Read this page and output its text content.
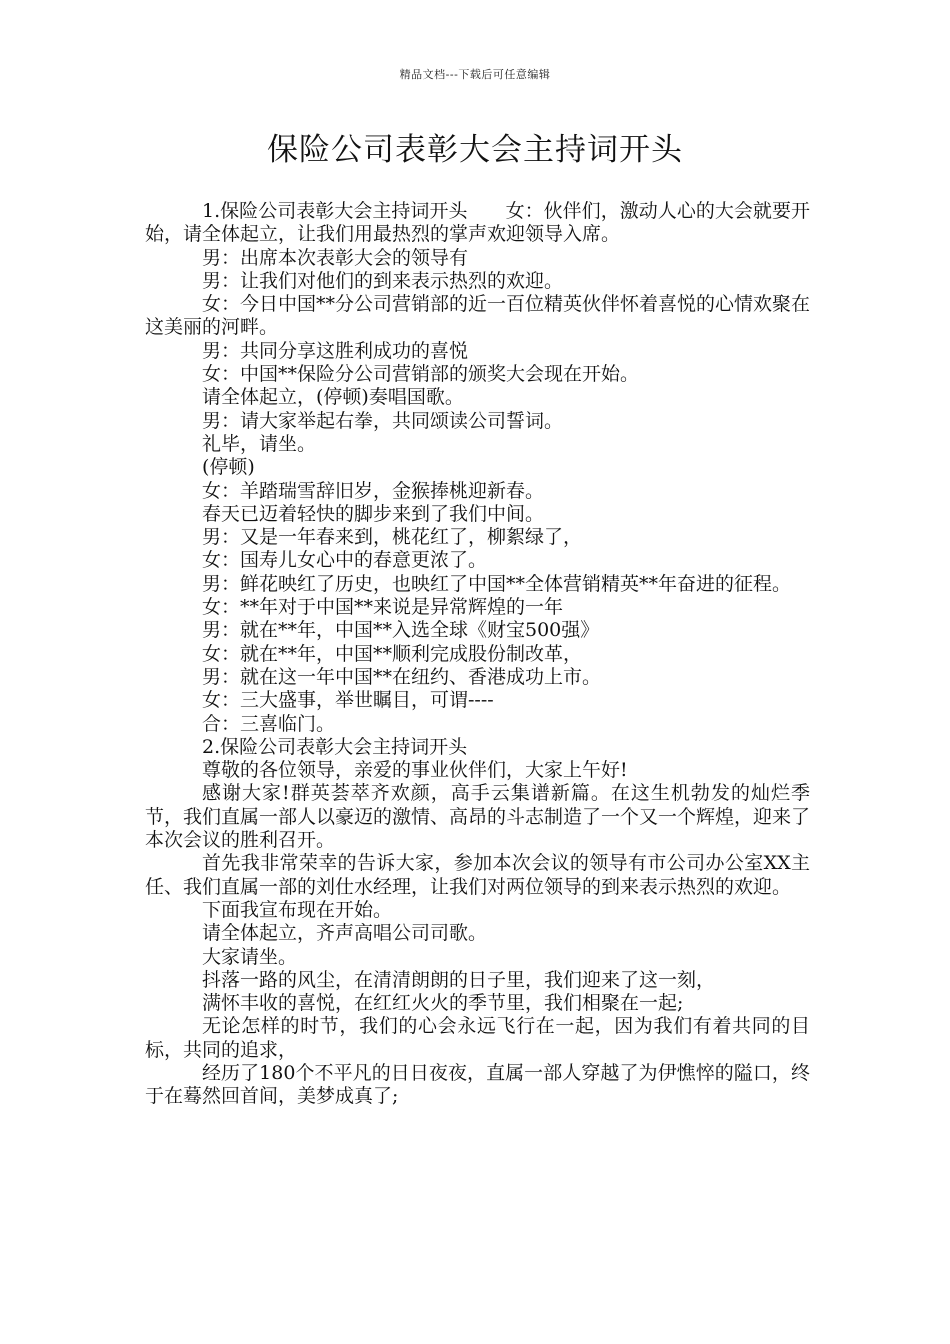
精品文档---下载后可任意编辑
保险公司表彰大会主持词开头

1.保险公司表彰大会主持词开头　　女：伙伴们，激动人心的大会就要开始，请全体起立，让我们用最热烈的掌声欢迎领导入席。

男：出席本次表彰大会的领导有

男：让我们对他们的到来表示热烈的欢迎。

女：今日中国**分公司营销部的近一百位精英伙伴怀着喜悦的心情欢聚在这美丽的河畔。

男：共同分享这胜利成功的喜悦

女：中国**保险分公司营销部的颁奖大会现在开始。

请全体起立，(停顿)奏唱国歌。

男：请大家举起右拳，共同颂读公司誓词。

礼毕，请坐。

(停顿)

女：羊踏瑞雪辞旧岁，金猴捧桃迎新春。

春天已迈着轻快的脚步来到了我们中间。

男：又是一年春来到，桃花红了，柳絮绿了，

女：国寿儿女心中的春意更浓了。

男：鲜花映红了历史，也映红了中国**全体营销精英**年奋进的征程。

女：**年对于中国**来说是异常辉煌的一年

男：就在**年，中国**入选全球《财宝500强》

女：就在**年，中国**顺利完成股份制改革，

男：就在这一年中国**在纽约、香港成功上市。

女：三大盛事，举世瞩目，可谓----

合：三喜临门。

2.保险公司表彰大会主持词开头

尊敬的各位领导，亲爱的事业伙伴们，大家上午好!

感谢大家!群英荟萃齐欢颜，高手云集谱新篇。在这生机勃发的灿烂季节，我们直属一部人以豪迈的激情、高昂的斗志制造了一个又一个辉煌，迎来了本次会议的胜利召开。

首先我非常荣幸的告诉大家，参加本次会议的领导有市公司办公室XX主任、我们直属一部的刘仕水经理，让我们对两位领导的到来表示热烈的欢迎。

下面我宣布现在开始。

请全体起立，齐声高唱公司司歌。

大家请坐。

抖落一路的风尘，在清清朗朗的日子里，我们迎来了这一刻，

满怀丰收的喜悦，在红红火火的季节里，我们相聚在一起;

无论怎样的时节，我们的心会永远飞行在一起，因为我们有着共同的目标，共同的追求，

经历了180个不平凡的日日夜夜，直属一部人穿越了为伊憔悴的隘口，终于在蓦然回首间，美梦成真了;
